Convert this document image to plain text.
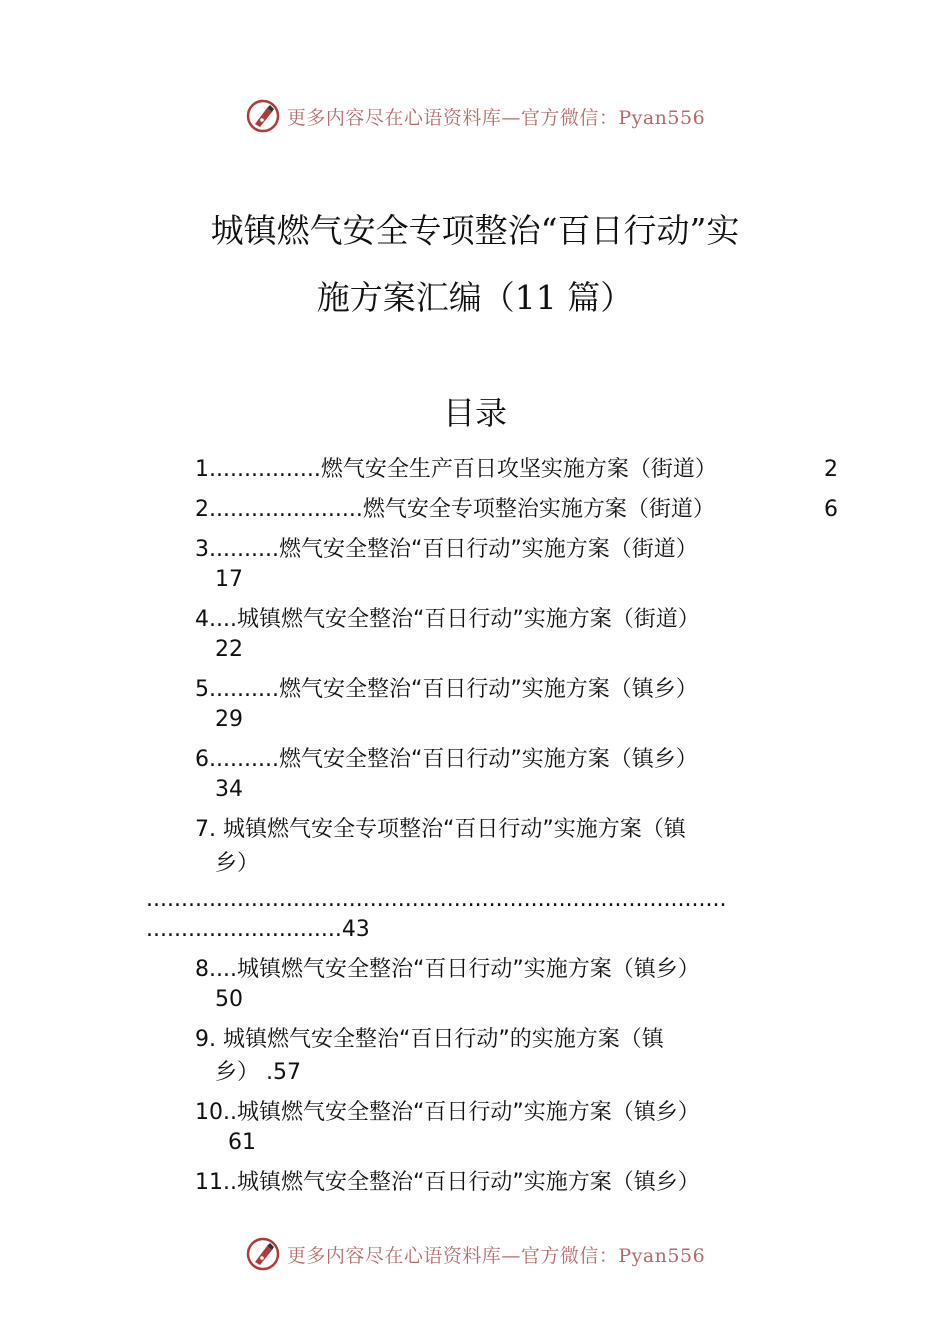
更多内容尽在心语资料库—官方微信：Pyan556
城镇燃气安全专项整治“百日行动”实
施方案汇编（11 篇）
目录
1................燃气安全生产百日攻坚实施方案（街道）	2
2......................燃气安全专项整治实施方案（街道）	6
3..........燃气安全整治“百日行动”实施方案（街道）
17
4....城镇燃气安全整治“百日行动”实施方案（街道）
22
5..........燃气安全整治“百日行动”实施方案（镇乡）
29
6..........燃气安全整治“百日行动”实施方案（镇乡）
34
7. 城镇燃气安全专项整治“百日行动”实施方案（镇
乡）
...................................................................................
............................43
8....城镇燃气安全整治“百日行动”实施方案（镇乡）
50
9. 城镇燃气安全整治“百日行动”的实施方案（镇
乡） .57
10..城镇燃气安全整治“百日行动”实施方案（镇乡）
61
11..城镇燃气安全整治“百日行动”实施方案（镇乡）
更多内容尽在心语资料库—官方微信：Pyan556
